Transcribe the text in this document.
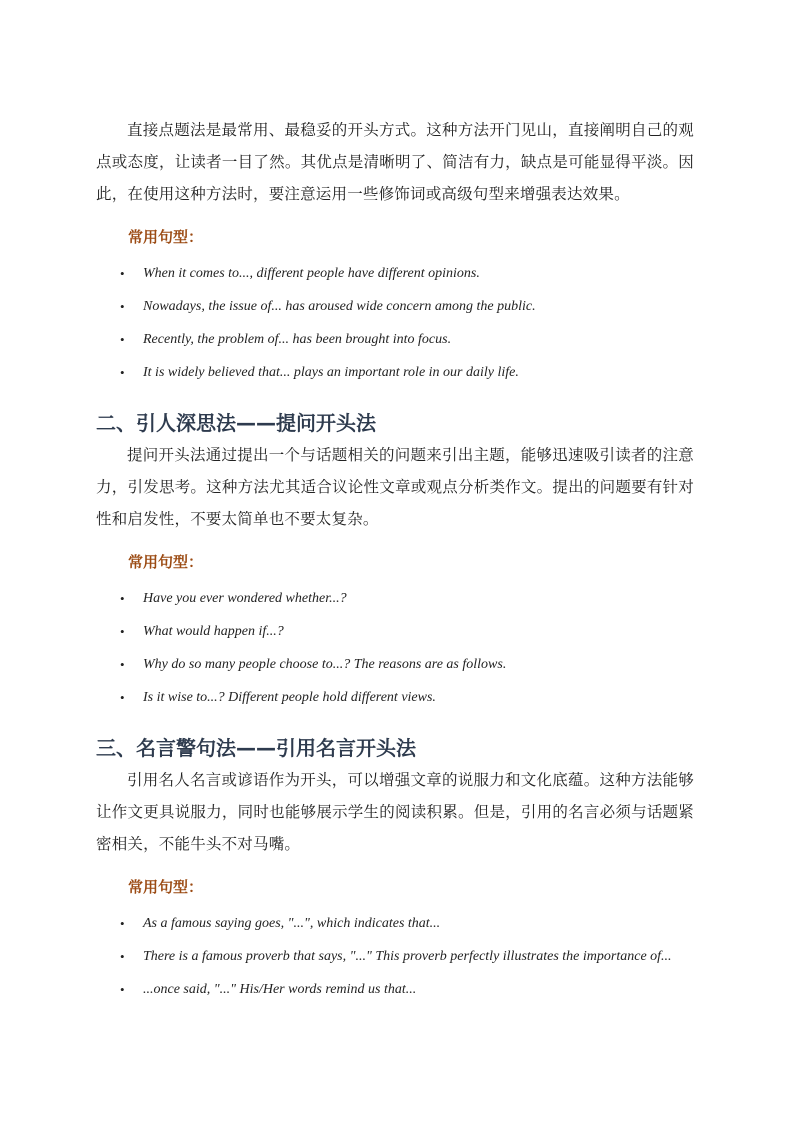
直接点题法是最常用、最稳妥的开头方式。这种方法开门见山，直接阐明自己的观点或态度，让读者一目了然。其优点是清晰明了、简洁有力，缺点是可能显得平淡。因此，在使用这种方法时，要注意运用一些修饰词或高级句型来增强表达效果。

常用句型：

• When it comes to..., different people have different opinions.
• Nowadays, the issue of... has aroused wide concern among the public.
• Recently, the problem of... has been brought into focus.
• It is widely believed that... plays an important role in our daily life.
二、引人深思法——提问开头法

提问开头法通过提出一个与话题相关的问题来引出主题，能够迅速吸引读者的注意力，引发思考。这种方法尤其适合议论性文章或观点分析类作文。提出的问题要有针对性和启发性，不要太简单也不要太复杂。

常用句型：

• Have you ever wondered whether...?
• What would happen if...?
• Why do so many people choose to...? The reasons are as follows.
• Is it wise to...? Different people hold different views.
三、名言警句法——引用名言开头法

引用名人名言或谚语作为开头，可以增强文章的说服力和文化底蕴。这种方法能够让作文更具说服力，同时也能够展示学生的阅读积累。但是，引用的名言必须与话题紧密相关，不能牛头不对马嘴。

常用句型：

• As a famous saying goes, "...", which indicates that...
• There is a famous proverb that says, "..." This proverb perfectly illustrates the importance of...
• ...once said, "..." His/Her words remind us that...
